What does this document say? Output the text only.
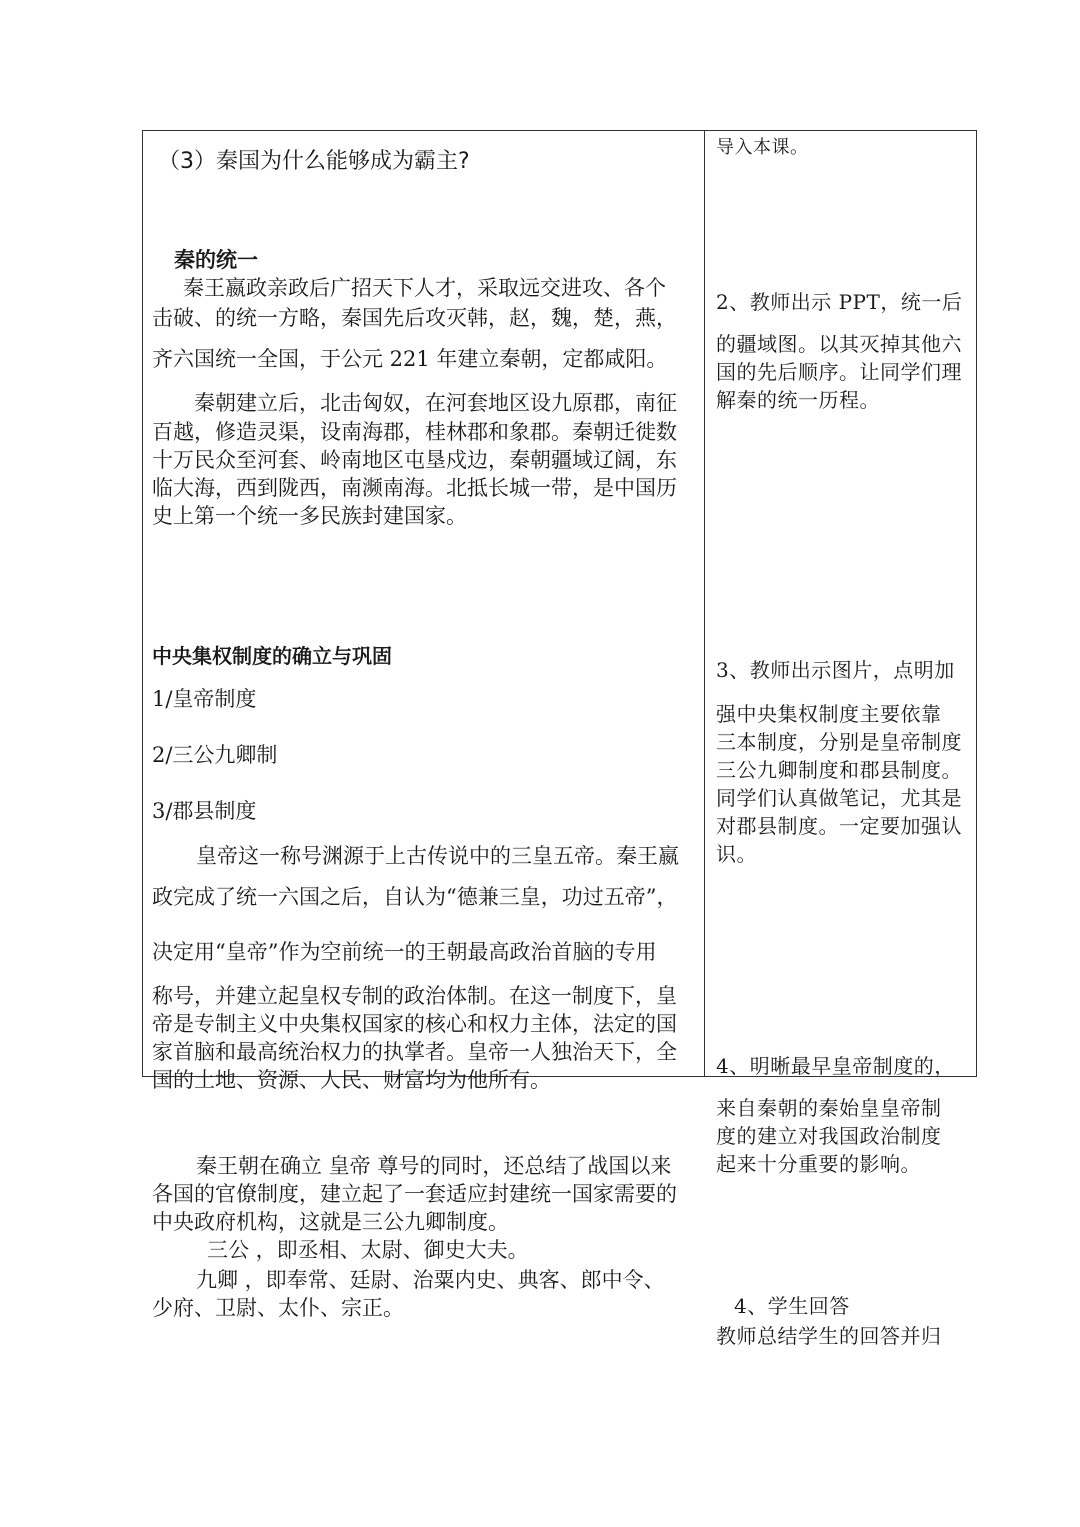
（3）秦国为什么能够成为霸主?
秦的统一
秦王嬴政亲政后广招天下人才，采取远交进攻、各个
击破、的统一方略，秦国先后攻灭韩，赵，魏，楚，燕，
齐六国统一全国，于公元 221 年建立秦朝，定都咸阳。
秦朝建立后，北击匈奴，在河套地区设九原郡，南征
百越，修造灵渠，设南海郡，桂林郡和象郡。秦朝迁徙数
十万民众至河套、岭南地区屯垦戍边，秦朝疆域辽阔，东
临大海，西到陇西，南濒南海。北抵长城一带，是中国历
史上第一个统一多民族封建国家。
中央集权制度的确立与巩固
1/皇帝制度
2/三公九卿制
3/郡县制度
皇帝这一称号渊源于上古传说中的三皇五帝。秦王嬴
政完成了统一六国之后，自认为“德兼三皇，功过五帝”，
决定用“皇帝”作为空前统一的王朝最高政治首脑的专用
称号，并建立起皇权专制的政治体制。在这一制度下，皇
帝是专制主义中央集权国家的核心和权力主体，法定的国
家首脑和最高统治权力的执掌者。皇帝一人独治天下，全
国的土地、资源、人民、财富均为他所有。
秦王朝在确立 皇帝 尊号的同时，还总结了战国以来
各国的官僚制度，建立起了一套适应封建统一国家需要的
中央政府机构，这就是三公九卿制度。
三公 ，即丞相、太尉、御史大夫。
九卿 ，即奉常、廷尉、治粟内史、典客、郎中令、
少府、卫尉、太仆、宗正。
导入本课。
2、教师出示 PPT，统一后
的疆域图。以其灭掉其他六
国的先后顺序。让同学们理
解秦的统一历程。
3、教师出示图片，点明加
强中央集权制度主要依靠
三本制度，分别是皇帝制度
三公九卿制度和郡县制度。
同学们认真做笔记，尤其是
对郡县制度。一定要加强认
识。
4、明晰最早皇帝制度的，
来自秦朝的秦始皇皇帝制
度的建立对我国政治制度
起来十分重要的影响。
4、学生回答
教师总结学生的回答并归
